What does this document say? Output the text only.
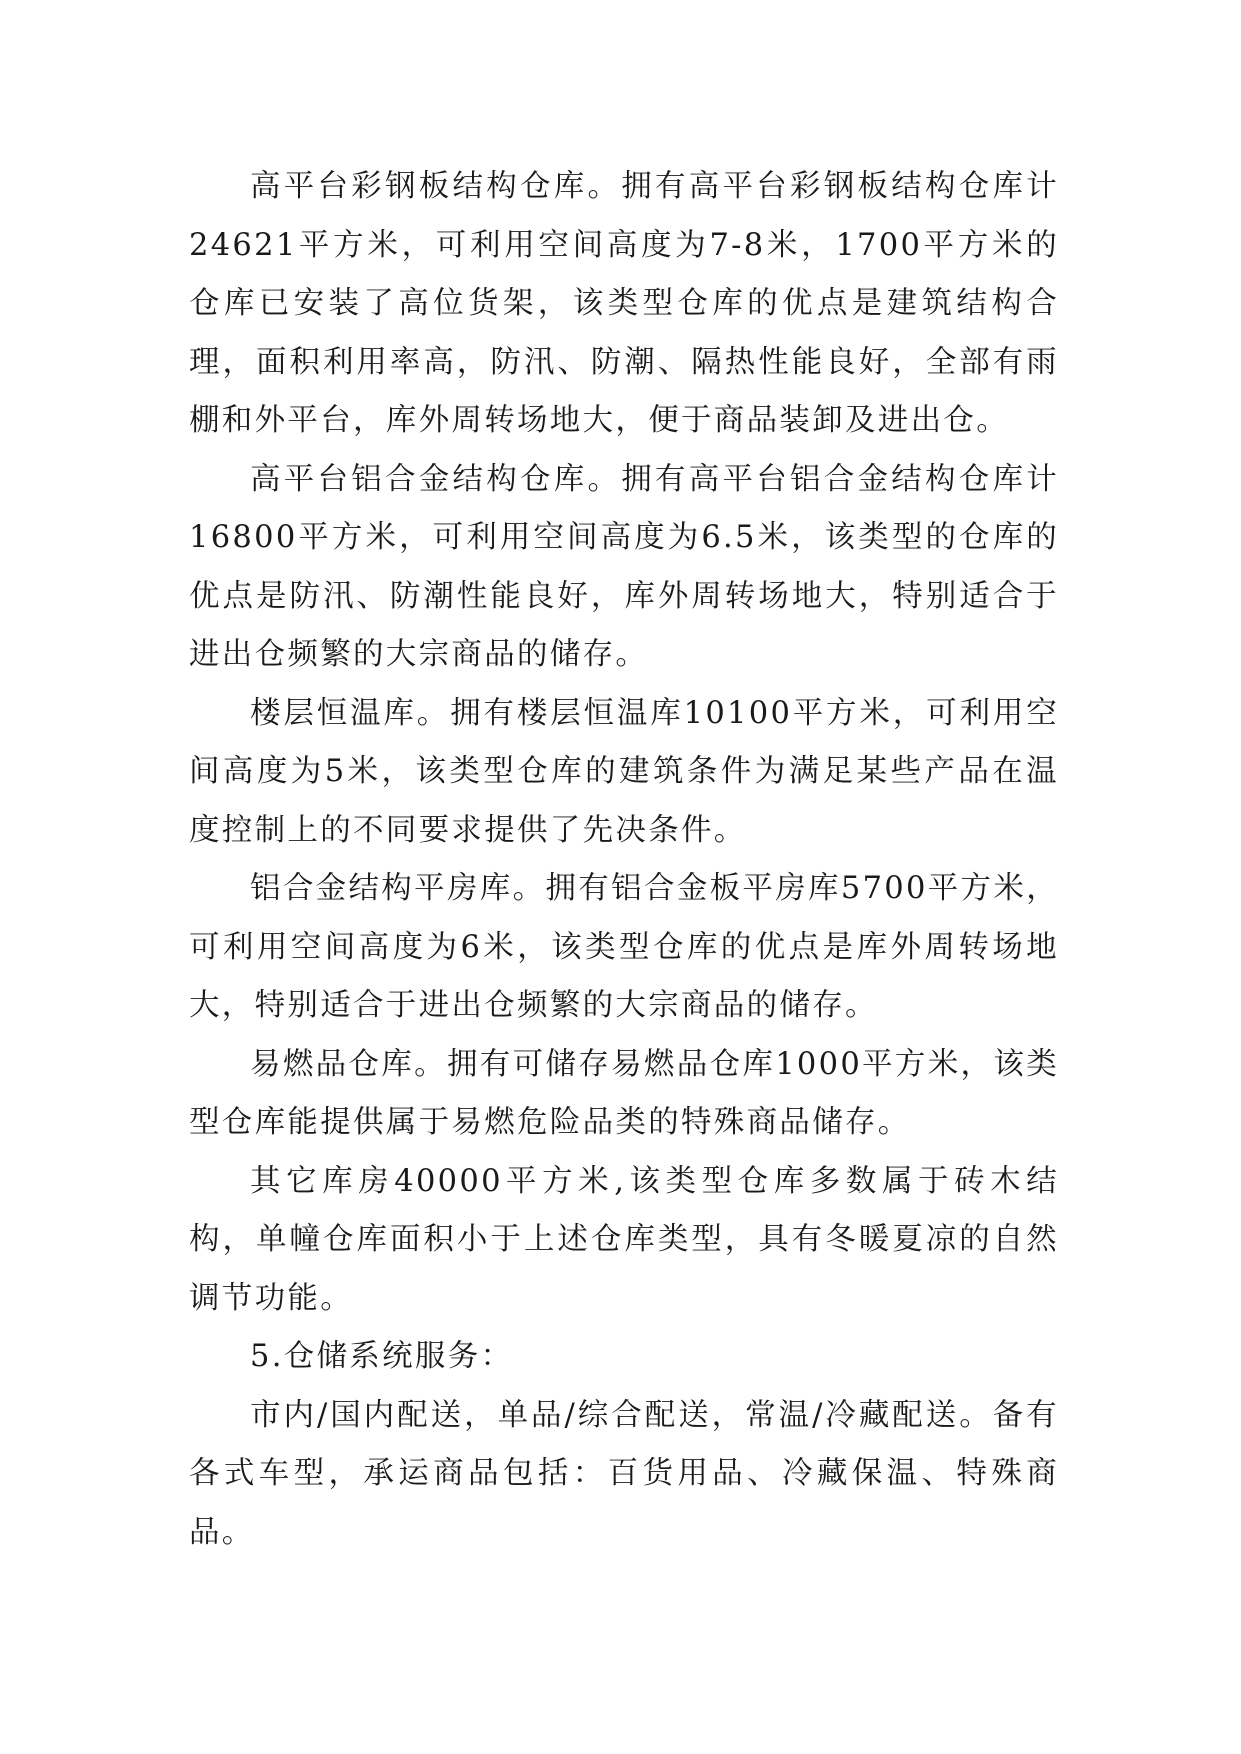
高平台彩钢板结构仓库。拥有高平台彩钢板结构仓库计24621平方米，可利用空间高度为7-8米，1700平方米的仓库已安装了高位货架，该类型仓库的优点是建筑结构合理，面积利用率高，防汛、防潮、隔热性能良好，全部有雨棚和外平台，库外周转场地大，便于商品装卸及进出仓。

高平台铝合金结构仓库。拥有高平台铝合金结构仓库计16800平方米，可利用空间高度为6.5米，该类型的仓库的优点是防汛、防潮性能良好，库外周转场地大，特别适合于进出仓频繁的大宗商品的储存。

楼层恒温库。拥有楼层恒温库10100平方米，可利用空间高度为5米，该类型仓库的建筑条件为满足某些产品在温度控制上的不同要求提供了先决条件。

铝合金结构平房库。拥有铝合金板平房库5700平方米，可利用空间高度为6米，该类型仓库的优点是库外周转场地大，特别适合于进出仓频繁的大宗商品的储存。

易燃品仓库。拥有可储存易燃品仓库1000平方米，该类型仓库能提供属于易燃危险品类的特殊商品储存。

其它库房40000平方米,该类型仓库多数属于砖木结构，单幢仓库面积小于上述仓库类型，具有冬暖夏凉的自然调节功能。

5.仓储系统服务：

市内/国内配送，单品/综合配送，常温/冷藏配送。备有各式车型，承运商品包括：百货用品、冷藏保温、特殊商品。
